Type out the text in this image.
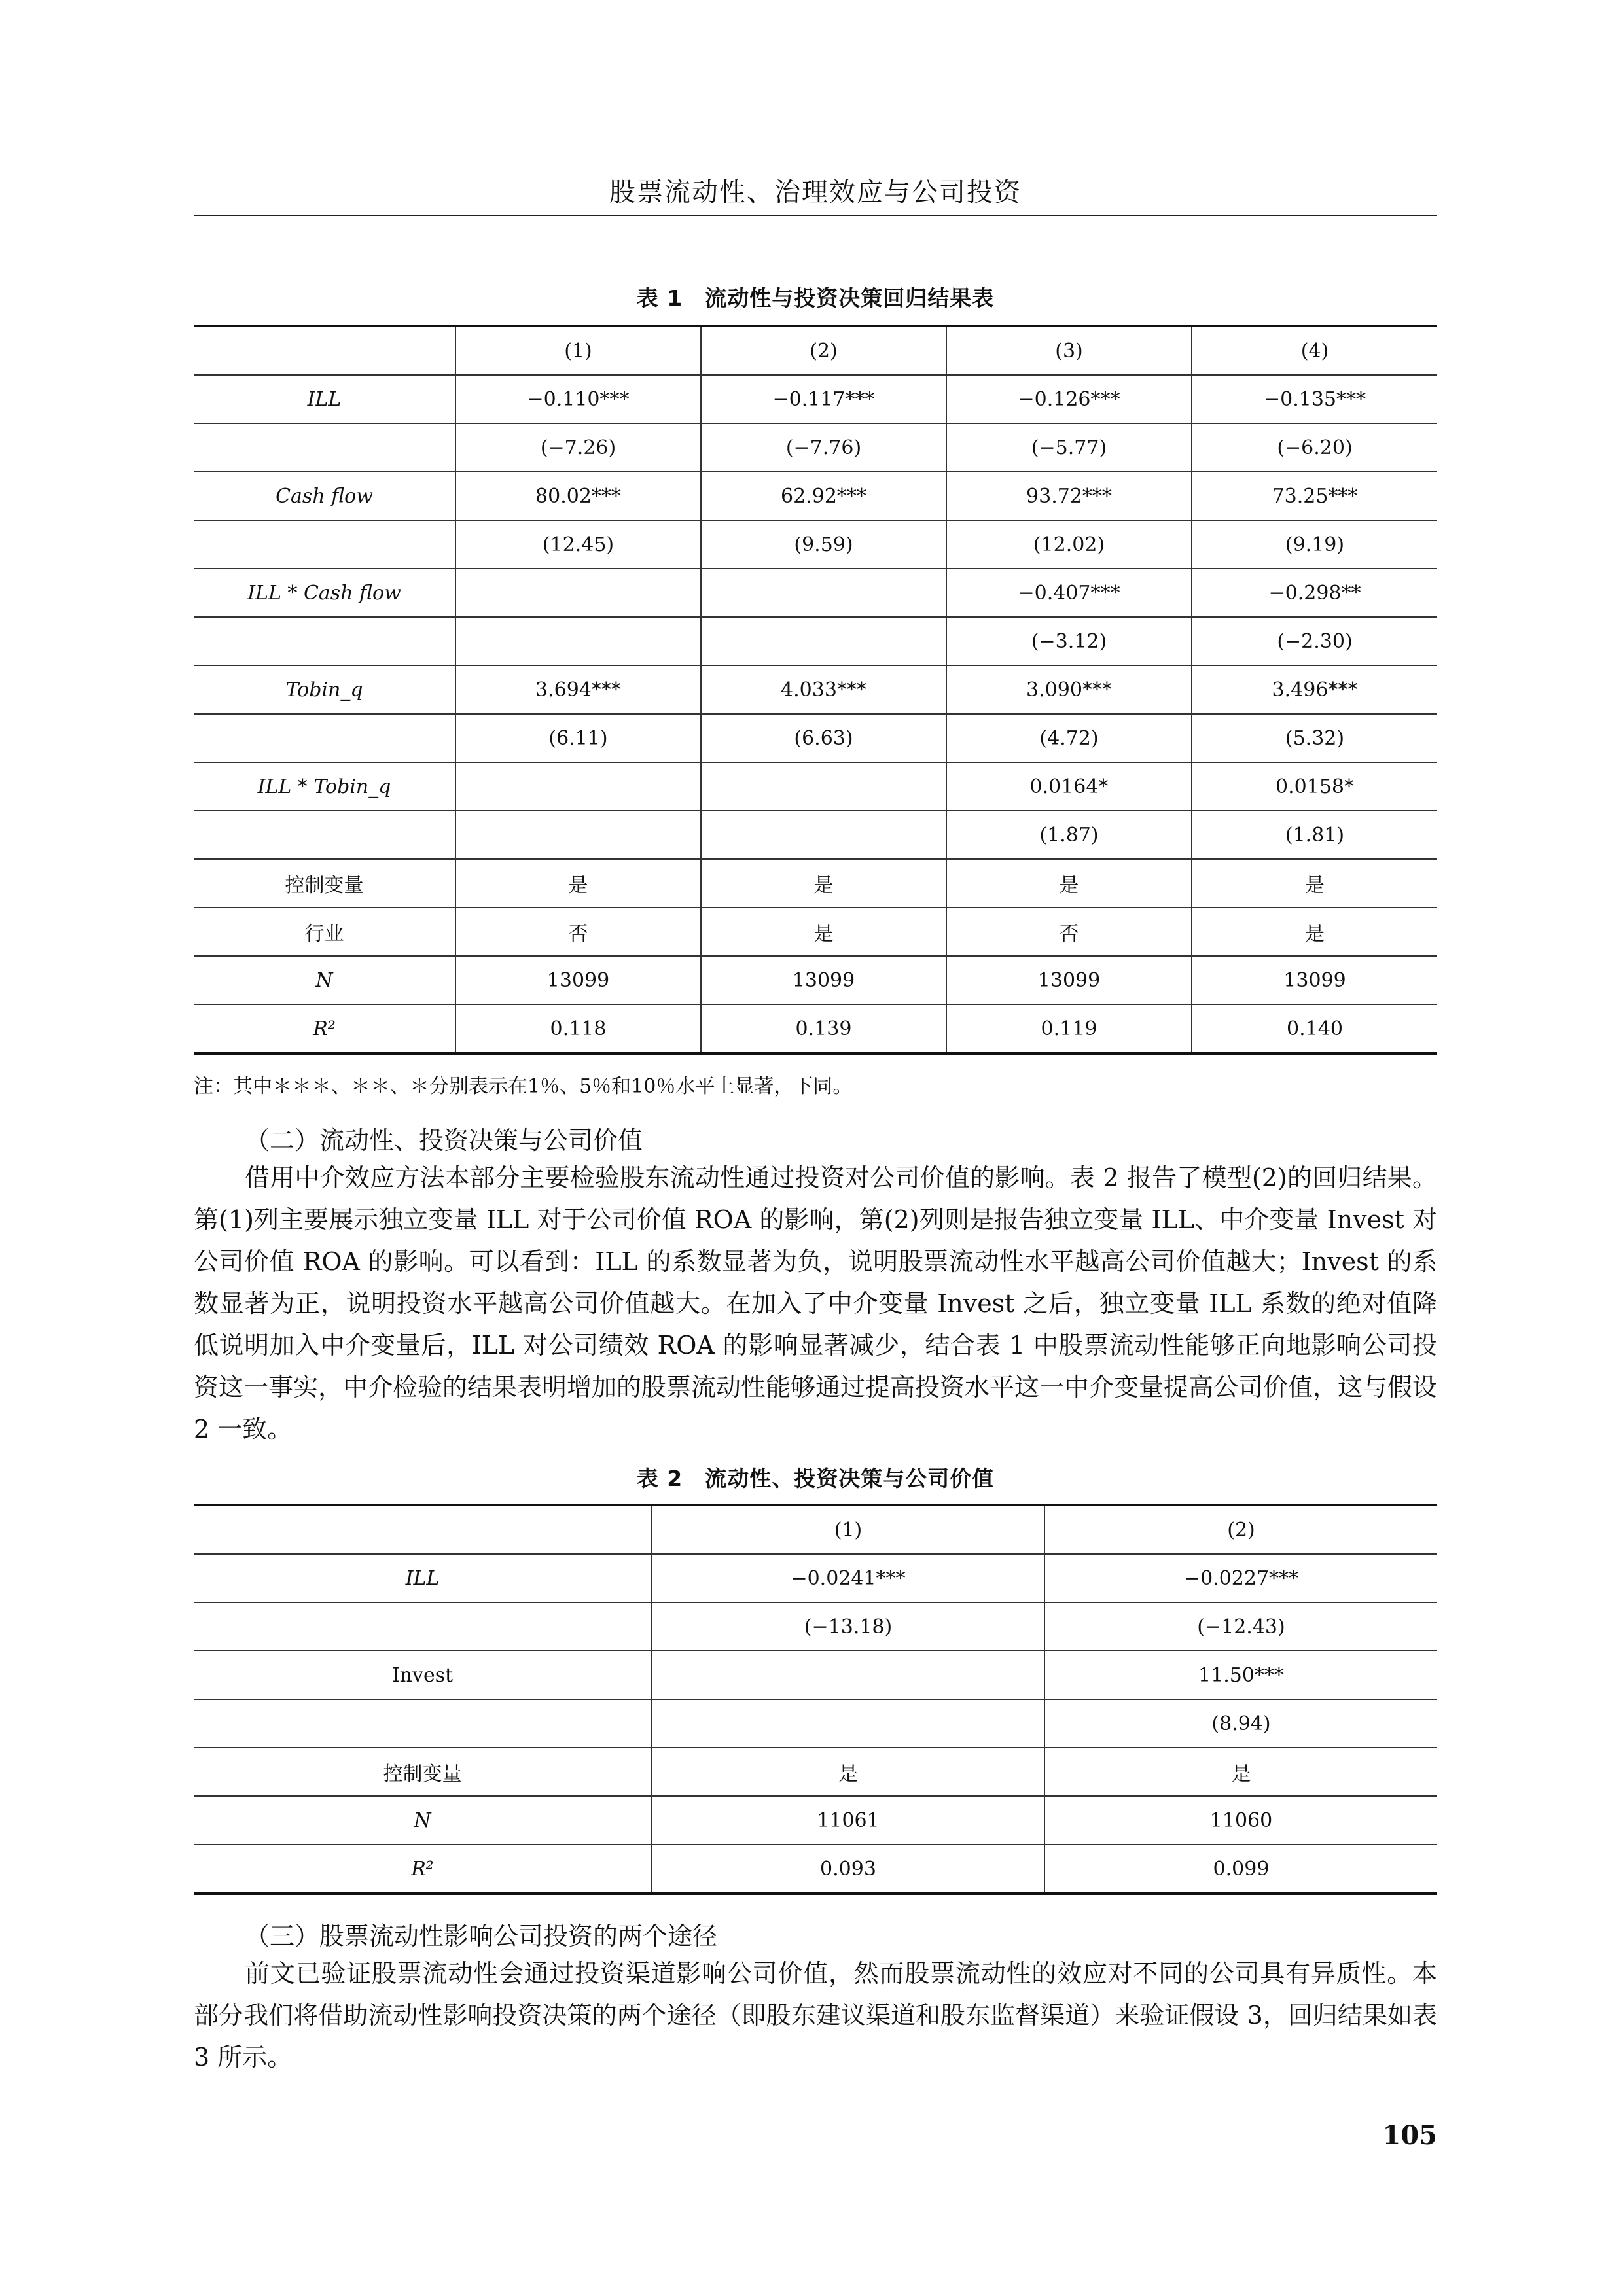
股票流动性、治理效应与公司投资
表 1　流动性与投资决策回归结果表
	(1)	(2)	(3)	(4)
ILL	−0.110***	−0.117***	−0.126***	−0.135***
	(−7.26)	(−7.76)	(−5.77)	(−6.20)
Cash flow	80.02***	62.92***	93.72***	73.25***
	(12.45)	(9.59)	(12.02)	(9.19)
ILL * Cash flow			−0.407***	−0.298**
			(−3.12)	(−2.30)
Tobin_q	3.694***	4.033***	3.090***	3.496***
	(6.11)	(6.63)	(4.72)	(5.32)
ILL * Tobin_q			0.0164*	0.0158*
			(1.87)	(1.81)
控制变量	是	是	是	是
行业	否	是	否	是
N	13099	13099	13099	13099
R²	0.118	0.139	0.119	0.140
注：其中＊＊＊、＊＊、＊分别表示在1％、5％和10％水平上显著，下同。
（二）流动性、投资决策与公司价值

借用中介效应方法本部分主要检验股东流动性通过投资对公司价值的影响。表 2 报告了模型(2)的回归结果。第(1)列主要展示独立变量 ILL 对于公司价值 ROA 的影响，第(2)列则是报告独立变量 ILL、中介变量 Invest 对公司价值 ROA 的影响。可以看到：ILL 的系数显著为负，说明股票流动性水平越高公司价值越大；Invest 的系数显著为正，说明投资水平越高公司价值越大。在加入了中介变量 Invest 之后，独立变量 ILL 系数的绝对值降低说明加入中介变量后，ILL 对公司绩效 ROA 的影响显著减少，结合表 1 中股票流动性能够正向地影响公司投资这一事实，中介检验的结果表明增加的股票流动性能够通过提高投资水平这一中介变量提高公司价值，这与假设 2 一致。

表 2　流动性、投资决策与公司价值
	(1)	(2)
ILL	−0.0241***	−0.0227***
	(−13.18)	(−12.43)
Invest		11.50***
		(8.94)
控制变量	是	是
N	11061	11060
R²	0.093	0.099
（三）股票流动性影响公司投资的两个途径

前文已验证股票流动性会通过投资渠道影响公司价值，然而股票流动性的效应对不同的公司具有异质性。本部分我们将借助流动性影响投资决策的两个途径（即股东建议渠道和股东监督渠道）来验证假设 3，回归结果如表 3 所示。

105
